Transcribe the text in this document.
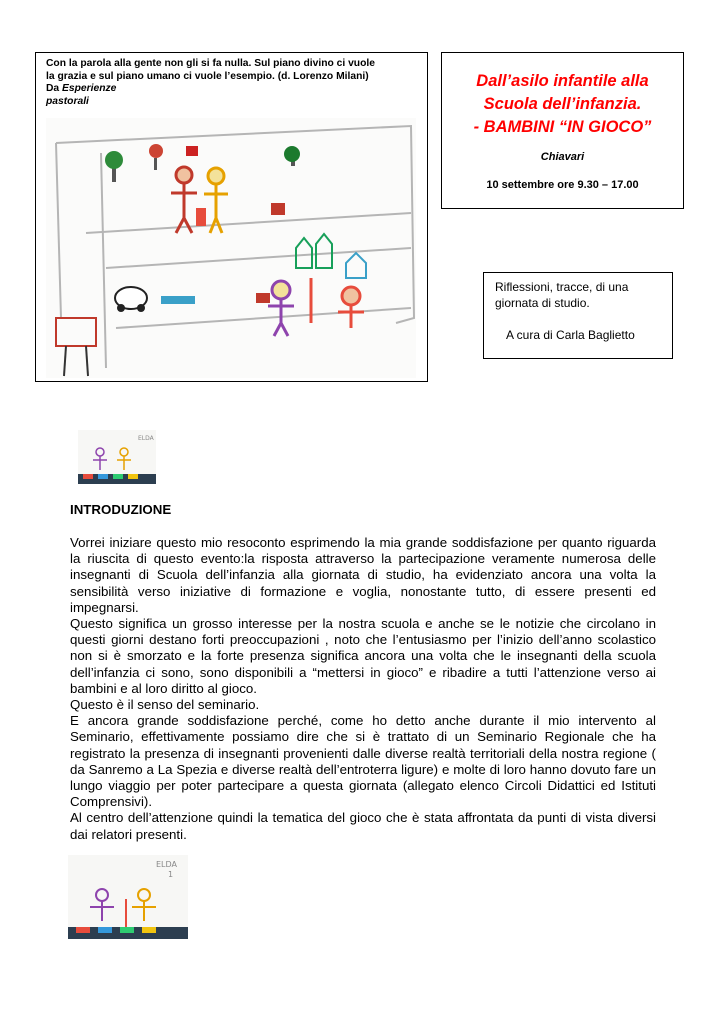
Con la parola alla gente non gli si fa nulla. Sul piano divino ci vuole
la grazia e sul piano umano ci vuole l’esempio. (d. Lorenzo Milani)
Da Esperienze
pastorali
Dall’asilo infantile alla
Scuola dell’infanzia.
- BAMBINI “IN GIOCO”
Chiavari
10 settembre ore 9.30 – 17.00
Riflessioni, tracce, di una
giornata di studio.
A cura di Carla Baglietto
ELDA
INTRODUZIONE

Vorrei iniziare questo mio resoconto esprimendo la mia grande soddisfazione per quanto riguarda la riuscita di questo evento:la risposta attraverso la partecipazione veramente numerosa delle insegnanti di Scuola dell’infanzia alla giornata di studio, ha evidenziato ancora una volta la sensibilità verso iniziative di formazione e voglia, nonostante tutto, di essere presenti ed impegnarsi.

Questo significa un grosso interesse per la nostra scuola e anche se le notizie che circolano in questi giorni destano forti preoccupazioni , noto che l’entusiasmo per l’inizio dell’anno scolastico non si è smorzato e la forte presenza significa ancora una volta che le insegnanti della scuola dell’infanzia ci sono, sono disponibili a “mettersi in gioco” e ribadire a tutti l’attenzione verso ai bambini e al loro diritto al gioco.

Questo è il senso del seminario.

E ancora grande soddisfazione perché, come ho detto anche durante il mio intervento al Seminario, effettivamente possiamo dire che si è trattato di un Seminario Regionale che ha registrato la presenza di insegnanti provenienti dalle diverse realtà territoriali della nostra regione ( da Sanremo a La Spezia e diverse realtà dell’entroterra ligure) e molte di loro hanno dovuto fare un lungo viaggio per poter partecipare a questa giornata (allegato elenco Circoli Didattici ed Istituti Comprensivi).

Al centro dell’attenzione quindi la tematica del gioco che è stata affrontata da punti di vista diversi dai relatori presenti.

ELDA
1
